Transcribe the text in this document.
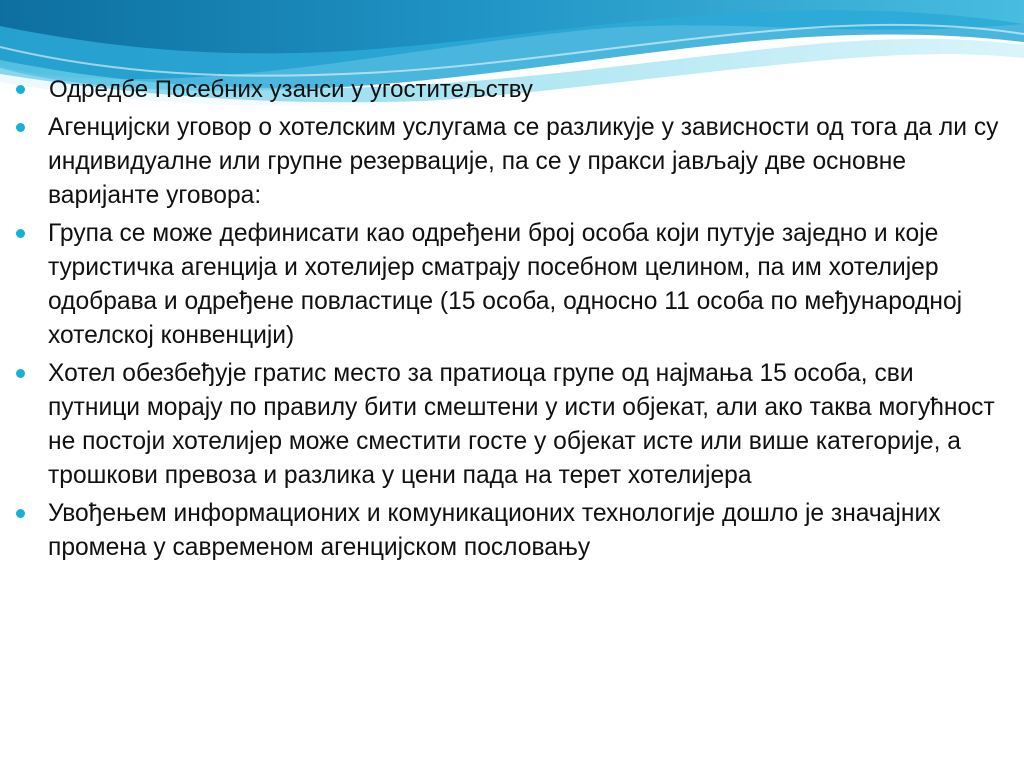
Одредбе Посебних узанси у угоститељству
Агенцијски уговор о хотелским услугама се разликује у зависности од тога да ли су индивидуалне или групне резервације, па се у пракси јављају две основне варијанте уговора:
Група се може дефинисати као одређени број особа који путује заједно и које туристичка агенција и хотелијер сматрају посебном целином, па им хотелијер одобрава и одређене повластице (15 особа, односно 11 особа по међународној хотелској конвенцији)
Хотел обезбеђује гратис место за пратиоца групе од најмања 15 особа, сви путници морају по правилу бити смештени у исти објекат, али ако таква могућност не постоји хотелијер може сместити госте у објекат исте или више категорије, а трошкови превоза и разлика у цени пада на терет хотелијера
Увођењем информационих и комуникационих технологије дошло је значајних промена у савременом агенцијском пословању
